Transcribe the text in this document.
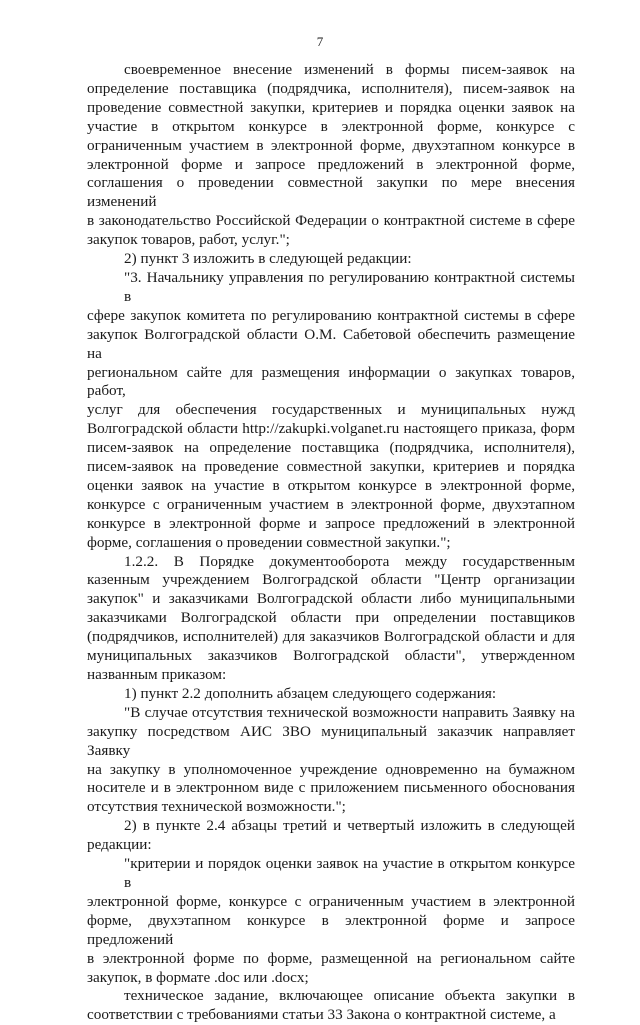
7
своевременное внесение изменений в формы писем-заявок на
определение поставщика (подрядчика, исполнителя), писем-заявок на
проведение совместной закупки, критериев и порядка оценки заявок на
участие в открытом конкурсе в электронной форме, конкурсе с
ограниченным участием в электронной форме, двухэтапном конкурсе в
электронной форме и запросе предложений в электронной форме,
соглашения о проведении совместной закупки по мере внесения изменений
в законодательство Российской Федерации о контрактной системе в сфере
закупок товаров, работ, услуг.";
2) пункт 3 изложить в следующей редакции:
"3. Начальнику управления по регулированию контрактной системы в
сфере закупок комитета по регулированию контрактной системы в сфере
закупок Волгоградской области О.М. Сабетовой обеспечить размещение на
региональном сайте для размещения информации о закупках товаров, работ,
услуг для обеспечения государственных и муниципальных нужд
Волгоградской области http://zakupki.volganet.ru настоящего приказа, форм
писем-заявок на определение поставщика (подрядчика, исполнителя),
писем-заявок на проведение совместной закупки, критериев и порядка
оценки заявок на участие в открытом конкурсе в электронной форме,
конкурсе с ограниченным участием в электронной форме, двухэтапном
конкурсе в электронной форме и запросе предложений в электронной
форме, соглашения о проведении совместной закупки.";
1.2.2. В Порядке документооборота между государственным
казенным учреждением Волгоградской области "Центр организации
закупок" и заказчиками Волгоградской области либо муниципальными
заказчиками Волгоградской области при определении поставщиков
(подрядчиков, исполнителей) для заказчиков Волгоградской области и для
муниципальных заказчиков Волгоградской области", утвержденном
названным приказом:
1) пункт 2.2 дополнить абзацем следующего содержания:
"В случае отсутствия технической возможности направить Заявку на
закупку посредством АИС ЗВО муниципальный заказчик направляет Заявку
на закупку в уполномоченное учреждение одновременно на бумажном
носителе и в электронном виде с приложением письменного обоснования
отсутствия технической возможности.";
2) в пункте 2.4 абзацы третий и четвертый изложить в следующей
редакции:
"критерии и порядок оценки заявок на участие в открытом конкурсе в
электронной форме, конкурсе с ограниченным участием в электронной
форме, двухэтапном конкурсе в электронной форме и запросе предложений
в электронной форме по форме, размещенной на региональном сайте
закупок, в формате .doc или .docx;
техническое задание, включающее описание объекта закупки в
соответствии с требованиями статьи 33 Закона о контрактной системе, а
